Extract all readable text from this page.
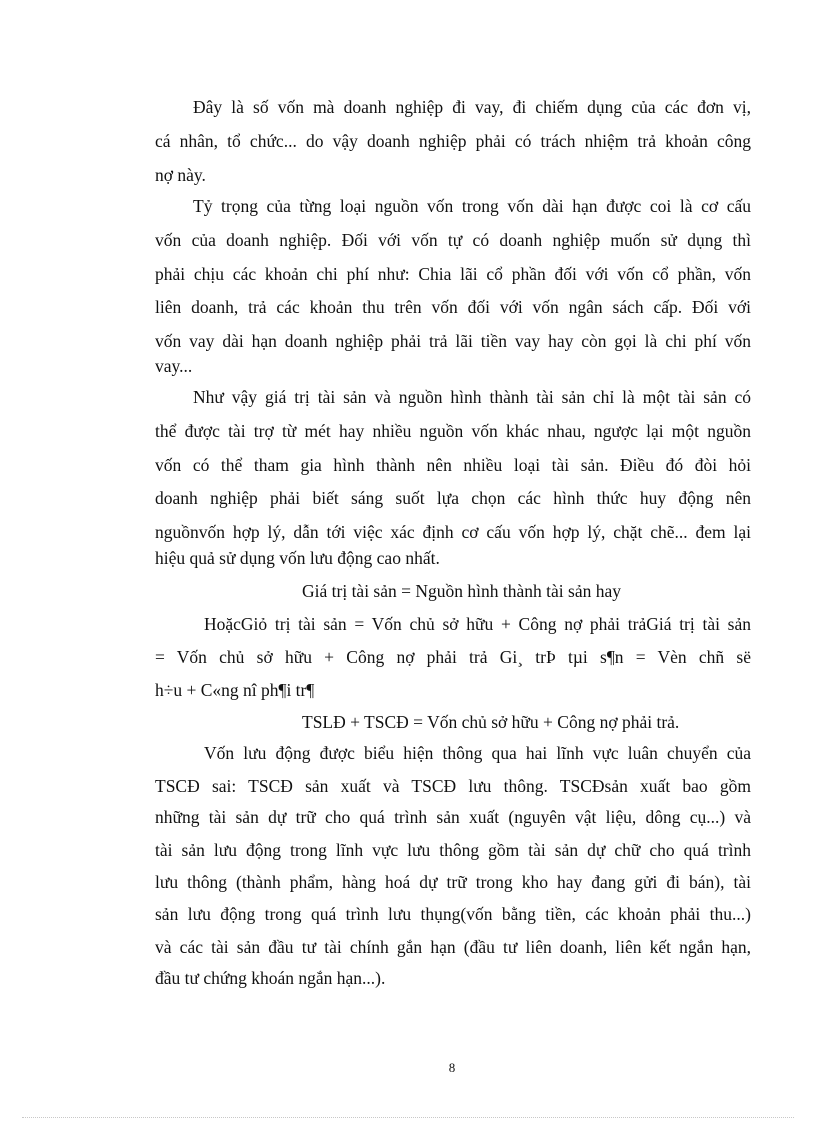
Đây là số vốn mà doanh nghiệp đi vay, đi chiếm dụng của các đơn vị,
cá nhân, tổ chức... do vậy doanh nghiệp phải có trách nhiệm trả khoản công
nợ này.
Tỷ trọng của từng loại nguồn vốn trong vốn dài hạn được coi là cơ cấu
vốn của doanh nghiệp. Đối với vốn tự có doanh nghiệp muốn sử dụng thì
phải chịu các khoản chi phí như: Chia lãi cổ phần đối với vốn cổ phần, vốn
liên doanh, trả các khoản thu trên vốn đối với vốn ngân sách cấp. Đối với
vốn vay dài hạn doanh nghiệp phải trả lãi tiền vay hay còn gọi là chi phí vốn
vay...
Như vậy giá trị tài sản và nguồn hình thành tài sản chỉ là một tài sản có
thể được tài trợ từ mét hay nhiều nguồn vốn khác nhau, ngược lại một nguồn
vốn có thể tham gia hình thành nên nhiều loại tài sản. Điều đó đòi hỏi
doanh nghiệp phải biết sáng suốt lựa chọn các hình thức huy động nên
nguồnvốn hợp lý, dẫn tới việc xác định cơ cấu vốn hợp lý, chặt chẽ... đem lại
hiệu quả sử dụng vốn lưu động cao nhất.
Giá trị tài sản = Nguồn hình thành tài sản hay
HoặcGiỏ trị tài sản = Vốn chủ sở hữu + Công nợ phải trảGiá trị tài sản
= Vốn chủ sở hữu + Công nợ phải trả Gi¸ trÞ tµi s¶n = Vèn chñ së
h÷u + C«ng nî ph¶i tr¶
TSLĐ + TSCĐ = Vốn chủ sở hữu + Công nợ phải trả.
Vốn lưu động được biểu hiện thông qua hai lĩnh vực luân chuyển của
TSCĐ sai: TSCĐ sản xuất và TSCĐ lưu thông. TSCĐsản xuất bao gồm
những tài sản dự trữ cho quá trình sản xuất (nguyên vật liệu, dông cụ...) và
tài sản lưu động trong lĩnh vực lưu thông gồm tài sản dự chữ cho quá trình
lưu thông (thành phẩm, hàng hoá dự trữ trong kho hay đang gửi đi bán), tài
sản lưu động trong quá trình lưu thụng(vốn bằng tiền, các khoản phải thu...)
và các tài sản đầu tư tài chính gắn hạn (đầu tư liên doanh, liên kết ngắn hạn,
đầu tư chứng khoán ngắn hạn...).
8
